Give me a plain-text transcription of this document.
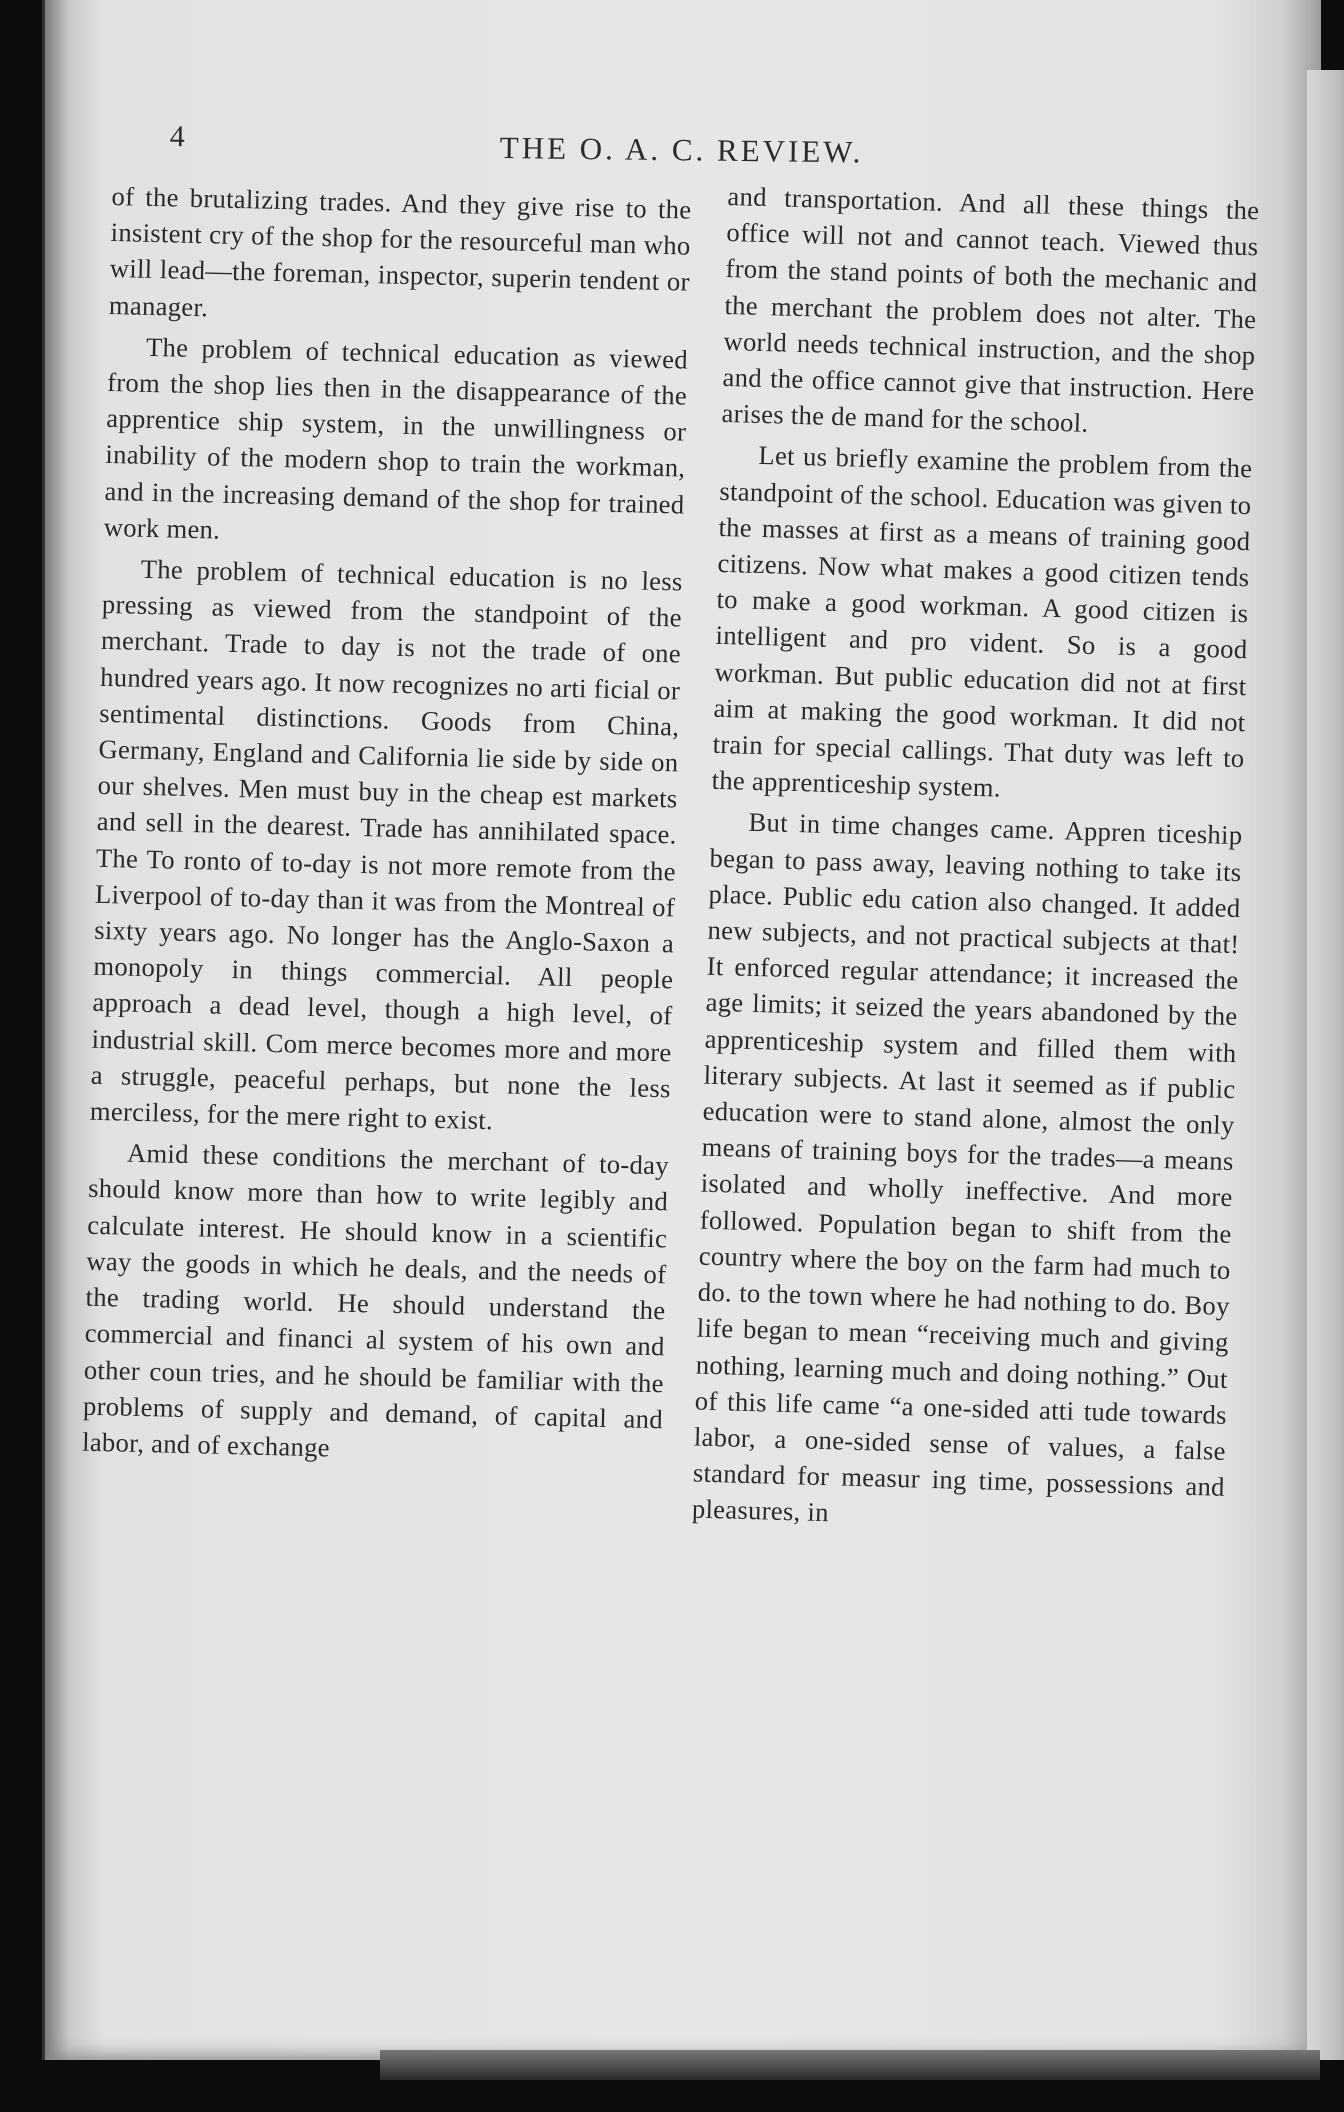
4	THE O. A. C. REVIEW.

of the brutalizing trades. And they give rise to the insistent cry of the shop for the resourceful man who will lead—the foreman, inspector, superin tendent or manager.

The problem of technical education as viewed from the shop lies then in the disappearance of the apprentice ship system, in the unwillingness or inability of the modern shop to train the workman, and in the increasing demand of the shop for trained work men.

The problem of technical education is no less pressing as viewed from the standpoint of the merchant. Trade to day is not the trade of one hundred years ago. It now recognizes no arti ficial or sentimental distinctions. Goods from China, Germany, England and California lie side by side on our shelves. Men must buy in the cheap est markets and sell in the dearest. Trade has annihilated space. The To ronto of to-day is not more remote from the Liverpool of to-day than it was from the Montreal of sixty years ago. No longer has the Anglo-Saxon a monopoly in things commercial. All people approach a dead level, though a high level, of industrial skill. Com merce becomes more and more a struggle, peaceful perhaps, but none the less merciless, for the mere right to exist.

Amid these conditions the merchant of to-day should know more than how to write legibly and calculate interest. He should know in a scientific way the goods in which he deals, and the needs of the trading world. He should understand the commercial and financi al system of his own and other coun tries, and he should be familiar with the problems of supply and demand, of capital and labor, and of exchange

and transportation. And all these things the office will not and cannot teach. Viewed thus from the stand points of both the mechanic and the merchant the problem does not alter. The world needs technical instruction, and the shop and the office cannot give that instruction. Here arises the de mand for the school.

Let us briefly examine the problem from the standpoint of the school. Education was given to the masses at first as a means of training good citizens. Now what makes a good citizen tends to make a good workman. A good citizen is intelligent and pro vident. So is a good workman. But public education did not at first aim at making the good workman. It did not train for special callings. That duty was left to the apprenticeship system.

But in time changes came. Appren ticeship began to pass away, leaving nothing to take its place. Public edu cation also changed. It added new subjects, and not practical subjects at that! It enforced regular attendance; it increased the age limits; it seized the years abandoned by the apprenticeship system and filled them with literary subjects. At last it seemed as if public education were to stand alone, almost the only means of training boys for the trades—a means isolated and wholly ineffective. And more followed. Population began to shift from the country where the boy on the farm had much to do. to the town where he had nothing to do. Boy life began to mean “receiving much and giving nothing, learning much and doing nothing.” Out of this life came “a one-sided atti tude towards labor, a one-sided sense of values, a false standard for measur ing time, possessions and pleasures, in
